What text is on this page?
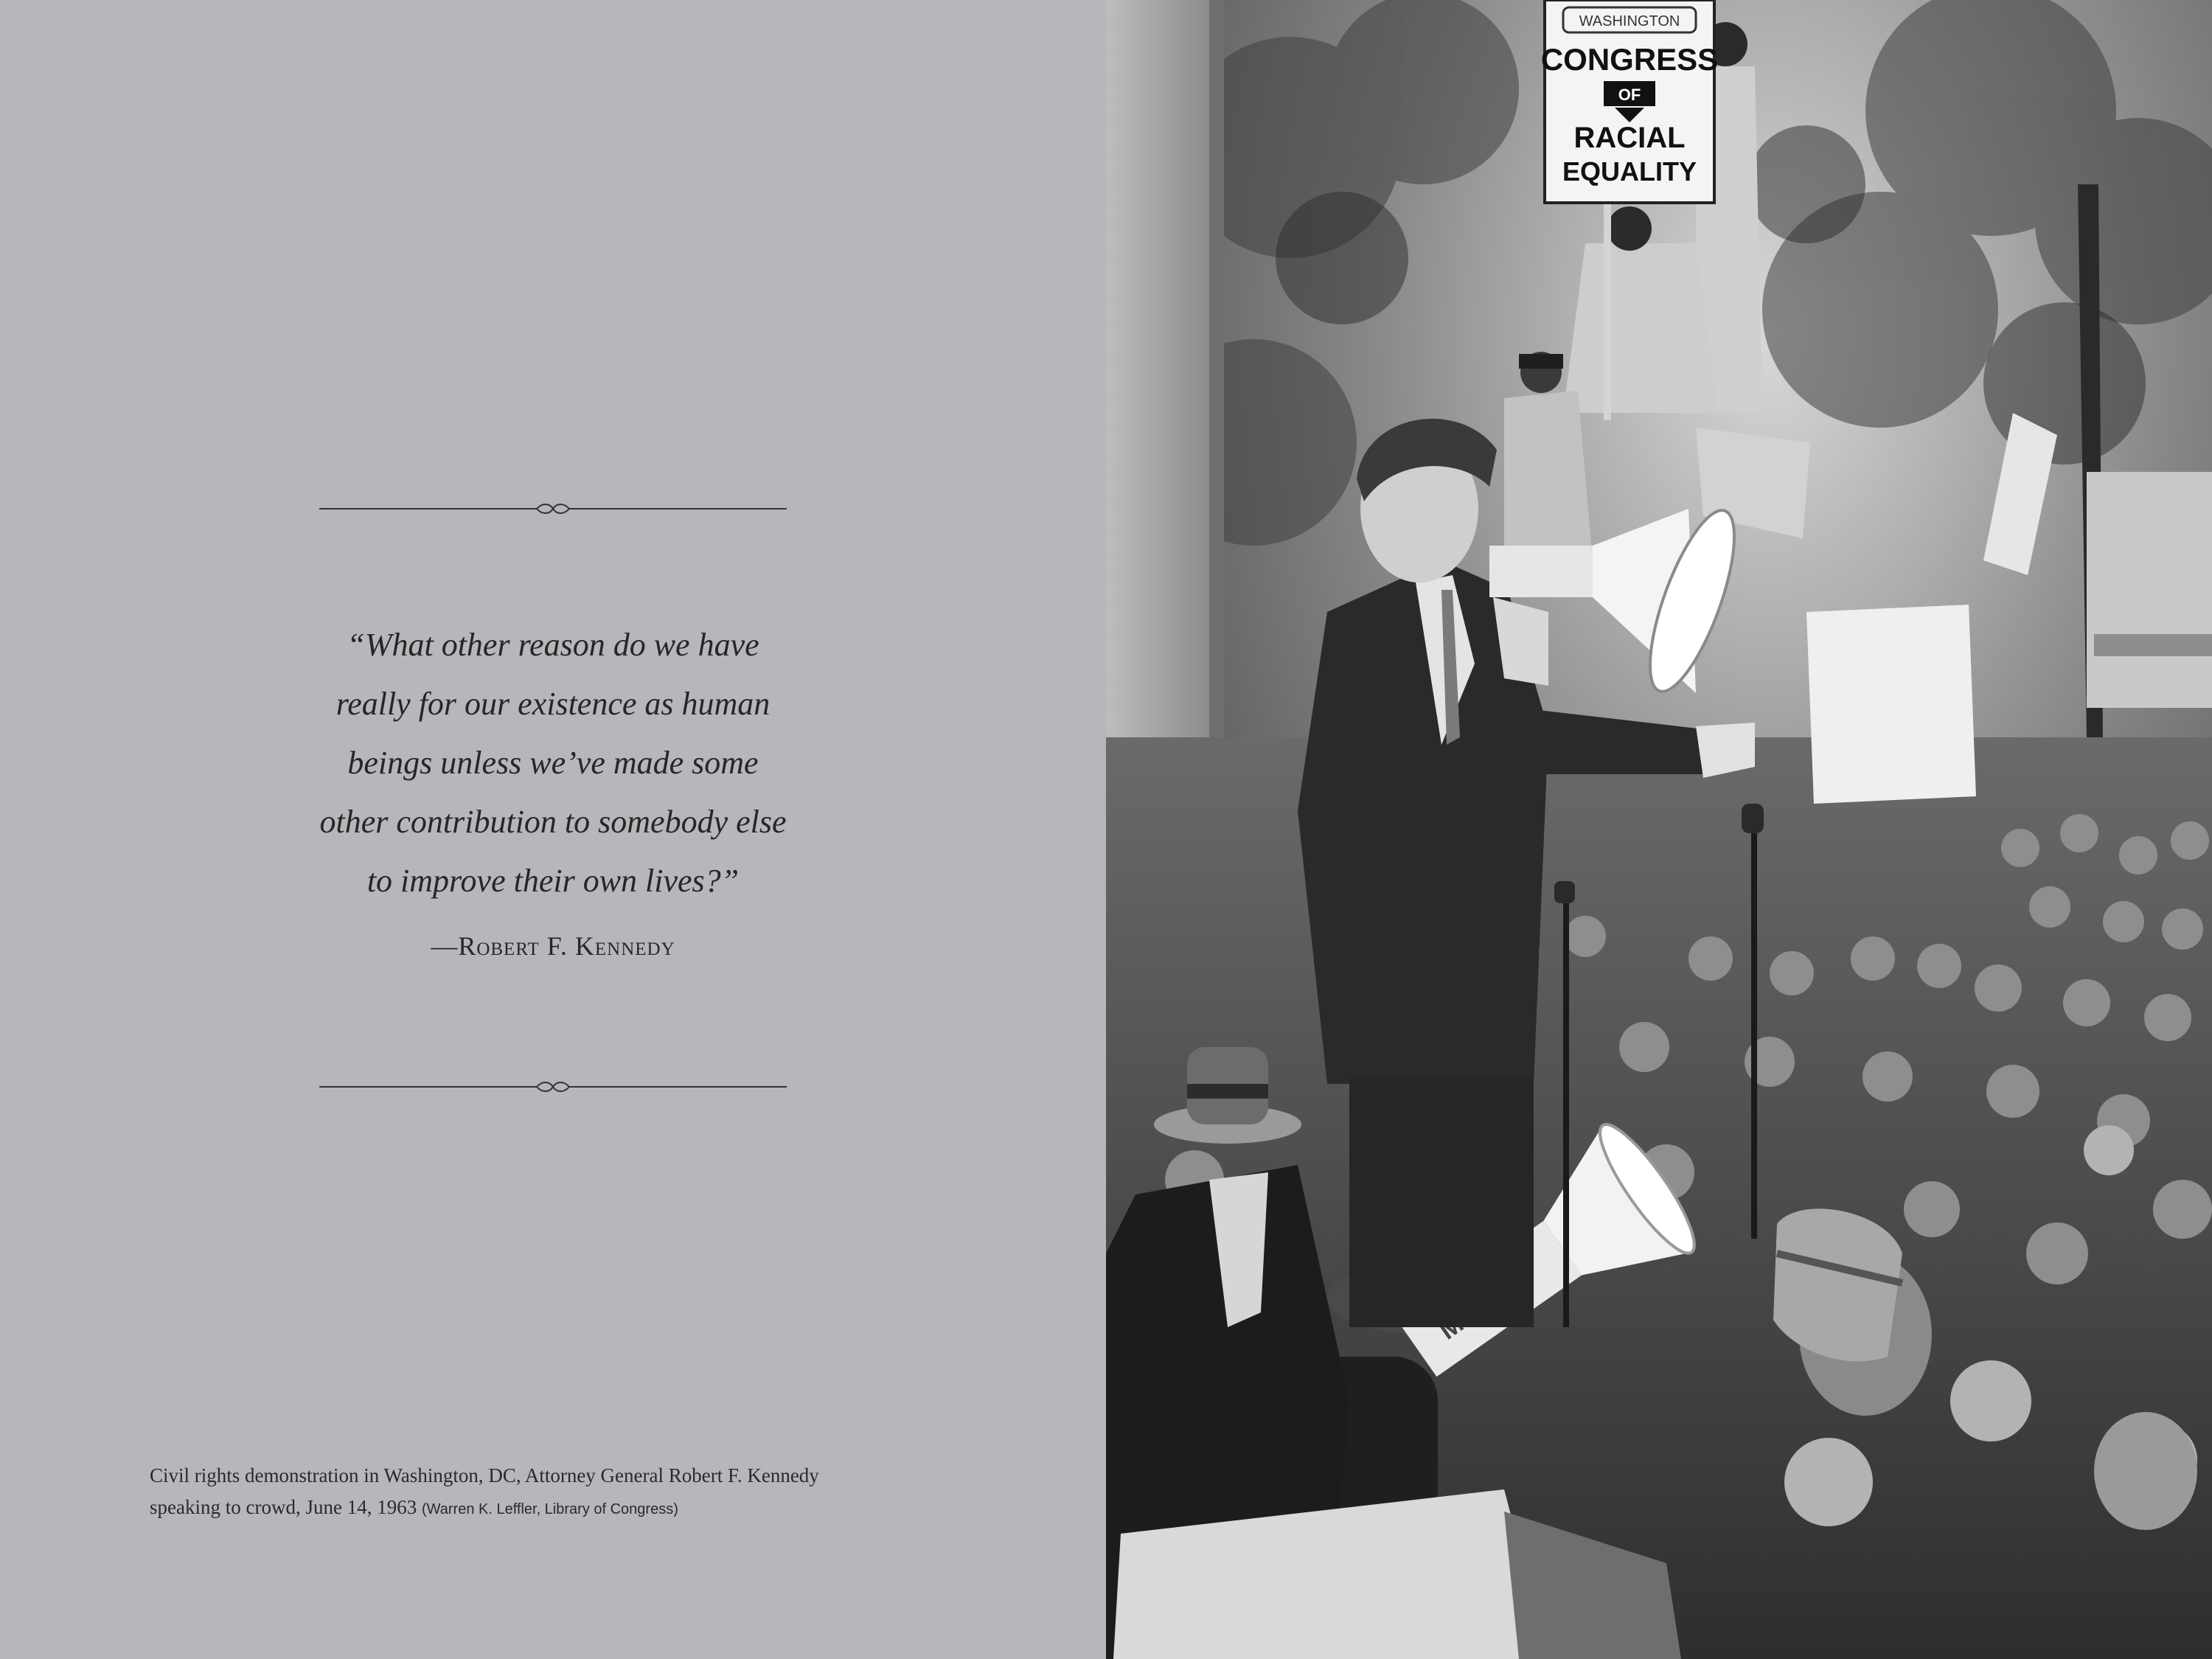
“What other reason do we have
really for our existence as human
beings unless we’ve made some
other contribution to somebody else
to improve their own lives?”

—Robert F. Kennedy

Civil rights demonstration in Washington, DC, Attorney General Robert F. Kennedy
speaking to crowd, June 14, 1963 (Warren K. Leffler, Library of Congress)

WASHINGTON
CONGRESS
OF
RACIAL
EQUALITY
